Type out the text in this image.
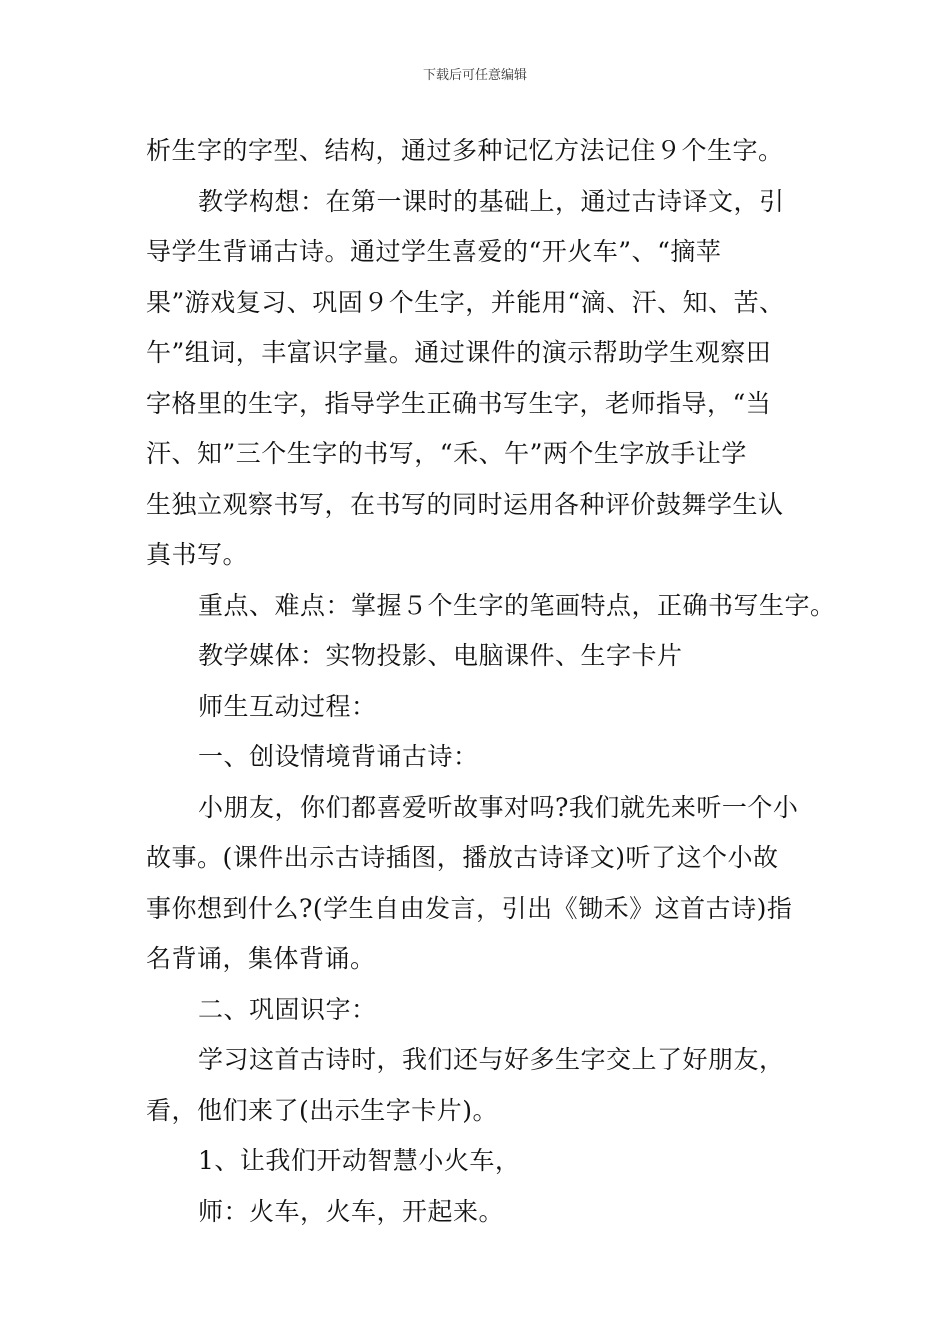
下载后可任意编辑
析生字的字型、结构，通过多种记忆方法记住９个生字。
教学构想：在第一课时的基础上，通过古诗译文，引
导学生背诵古诗。通过学生喜爱的“开火车”、“摘苹
果”游戏复习、巩固９个生字，并能用“滴、汗、知、苦、
午”组词，丰富识字量。通过课件的演示帮助学生观察田
字格里的生字，指导学生正确书写生字，老师指导，“当
汗、知”三个生字的书写，“禾、午”两个生字放手让学
生独立观察书写，在书写的同时运用各种评价鼓舞学生认
真书写。
重点、难点：掌握５个生字的笔画特点，正确书写生字。
教学媒体：实物投影、电脑课件、生字卡片
师生互动过程：
一、创设情境背诵古诗：
小朋友，你们都喜爱听故事对吗?我们就先来听一个小
故事。(课件出示古诗插图，播放古诗译文)听了这个小故
事你想到什么?(学生自由发言，引出《锄禾》这首古诗)指
名背诵，集体背诵。
二、巩固识字：
学习这首古诗时，我们还与好多生字交上了好朋友，
看，他们来了(出示生字卡片)。
1、让我们开动智慧小火车，
师：火车，火车，开起来。
